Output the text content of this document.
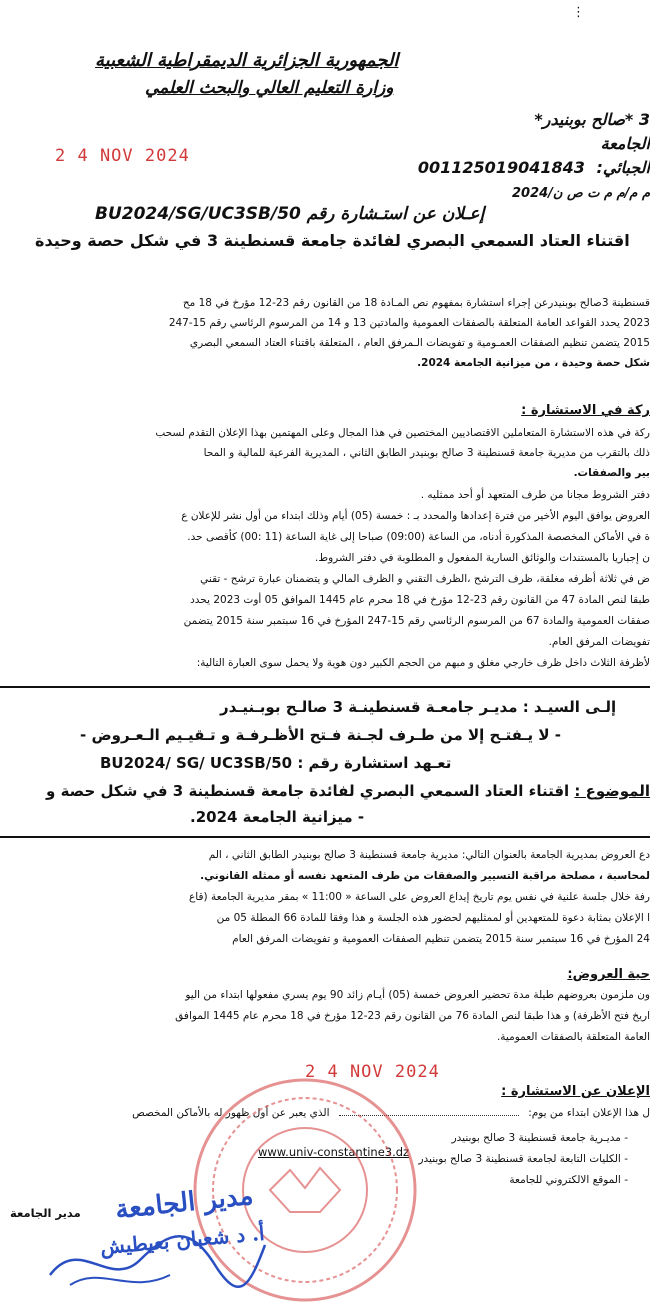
الجمهورية الجزائرية الديمقراطية الشعبية
وزارة التعليم العالي والبحث العلمي
3 *صالح بوبنيدر*
الجامعة
2 4 NOV 2024
الجبائي: 001125019041843
م م/م م ت ص ن/2024
إعـلان عن استـشارة رقم BU2024/SG/UC3SB/50
اقتناء العتاد السمعي البصري لفائدة جامعة قسنطينة 3 في شكل حصة وحيدة
قسنطينة 3صالح بوبنيدرعن إجراء استشارة بمفهوم نص المـادة 18 من القانون رقم 23-12 مؤرخ في 18 مح
2023 يحدد القواعد العامة المتعلقة بالصفقات العمومية والمادتين 13 و 14 من المرسوم الرئاسي رقم 15-247
2015 يتضمن تنظيم الصفقات العمـومية و تفويضات الـمرفق العام ، المتعلقة باقتناء العتاد السمعي البصري
شكل حصة وحيدة ، من ميزانية الجامعة 2024.
ركة في الاستشارة :
ركة في هذه الاستشارة المتعاملين الاقتصاديين المختصين في هذا المجال وعلى المهتمين بهذا الإعلان التقدم لسحب
ذلك بالتقرب من مديرية جامعة قسنطينة 3 صالح بوبنيدر الطابق الثاني ، المديرية الفرعية للمالية و المحا
بير والصفقات.
دفتر الشروط مجانا من طرف المتعهد أو أحد ممثليه .
العروض يوافق اليوم الأخير من فترة إعدادها والمحدد بـ : خمسة (05) أيام وذلك ابتداء من أول نشر للإعلان ع
ة في الأماكن المخصصة المذكورة أدناه، من الساعة (09:00) صباحا إلى غاية الساعة (11 :00) كأقصى حد.
ن إجباريا بالمستندات والوثائق السارية المفعول و المطلوبة في دفتر الشروط.
ض في ثلاثة أظرفه مغلقة، ظرف الترشح ،الظرف التقني و الظرف المالي و يتضمنان عبارة ترشح - تقني
طبقا لنص المادة 47 من القانون رقم 23-12 مؤرخ في 18 محرم عام 1445 الموافق 05 أوت 2023 يحدد
صفقات العمومية والمادة 67 من المرسوم الرئاسي رقم 15-247 المؤرخ في 16 سبتمبر سنة 2015 يتضمن
تفويضات المرفق العام.
لأظرفة الثلاث داخل ظرف خارجي مغلق و مبهم من الحجم الكبير دون هوية ولا يحمل سوى العبارة التالية:
إلـى السيـد : مديـر جامعـة قسنطينـة 3 صالـح بوبـنيـدر
- لا يـفتـح إلا من طـرف لجـنة فـتح الأظـرفـة و تـقيـيم الـعـروض -
تعـهد استشارة رقم : BU2024/ SG/ UC3SB/50
الموضوع : اقتناء العتاد السمعي البصري لفائدة جامعة قسنطينة 3 في شكل حصة و
- ميزانية الجامعة 2024.
دع العروض بمديرية الجامعة بالعنوان التالي: مديرية جامعة قسنطينة 3 صالح بوبنيدر الطابق الثاني ، الم
لمحاسبة ، مصلحة مراقبة التسيير والصفقات من طرف المتعهد نفسه أو ممثله القانوني.
رفة خلال جلسة علنية في نفس يوم تاريخ إيداع العروض على الساعة « 11:00 » بمقر مديرية الجامعة (قاع
ا الإعلان بمثابة دعوة للمتعهدين أو لممثليهم لحضور هذه الجلسة و هذا وفقا للمادة 66 المطلة 05 من
24 المؤرخ في 16 سبتمبر سنة 2015 يتضمن تنظيم الصفقات العمومية و تفويضات المرفق العام
حية العروض:
ون ملزمون بعروضهم طيلة مدة تحضير العروض خمسة (05) أيـام زائد 90 يوم يسري مفعولها ابتداء من اليو
اريخ فتح الأظرفة) و هذا طبقا لنص المادة 76 من القانون رقم 23-12 مؤرخ في 18 محرم عام 1445 الموافق
العامة المتعلقة بالصفقات العمومية.
2 4 NOV 2024
الإعلان عن الاستشارة :
ل هذا الإعلان ابتداء من يوم:  الذي يعبر عن أول ظهور له بالأماكن المخصص
- مديـرية جامعة قسنطينة 3 صالح بوبنيدر
- الكليات التابعة لجامعة قسنطينة 3 صالح بوبنيدر
- الموقع الالكتروني للجامعة
www.univ-constantine3.dz
مدير الجامعة مدير الجامعة
أ. د شعبان بعيطيش
⋮
